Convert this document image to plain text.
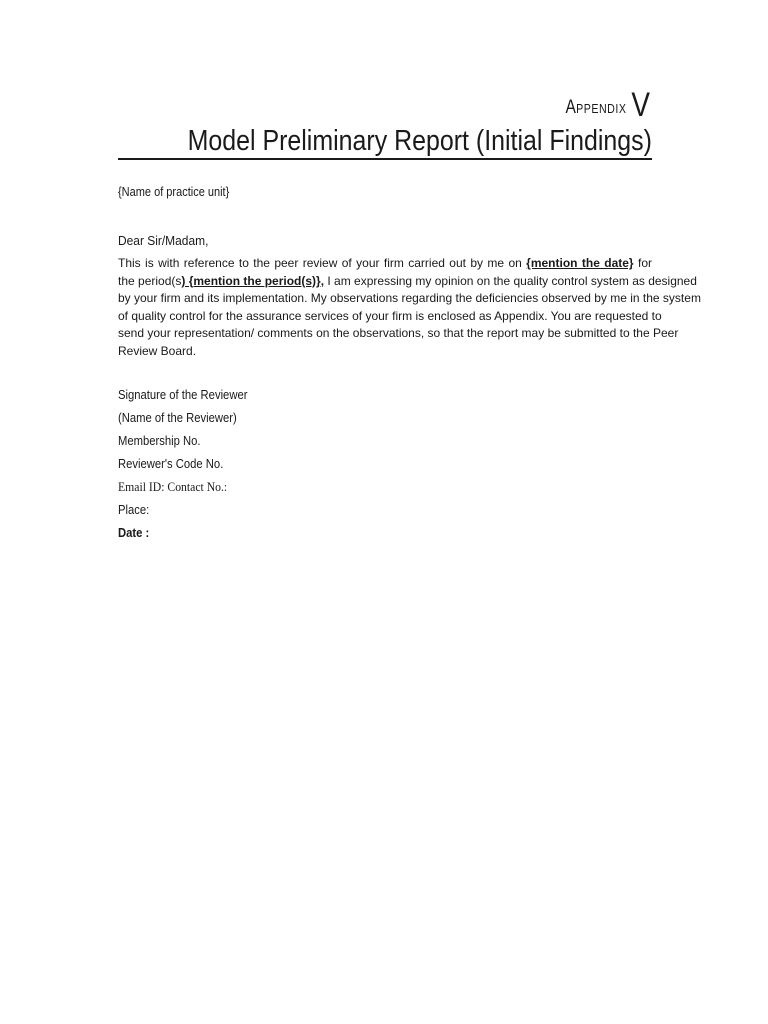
APPENDIX V
Model Preliminary Report (Initial Findings)
{Name of practice unit}
Dear Sir/Madam,
This is with reference to the peer review of your firm carried out by me on {mention the date} for
the period(s) {mention the period(s)}, I am expressing my opinion on the quality control system as designed
by your firm and its implementation. My observations regarding the deficiencies observed by me in the system
of quality control for the assurance services of your firm is enclosed as Appendix. You are requested to
send your representation/ comments on the observations, so that the report may be submitted to the Peer
Review Board.
Signature of the Reviewer
(Name of the Reviewer)
Membership No.
Reviewer's Code No.
Email ID: Contact No.:
Place:
Date :
